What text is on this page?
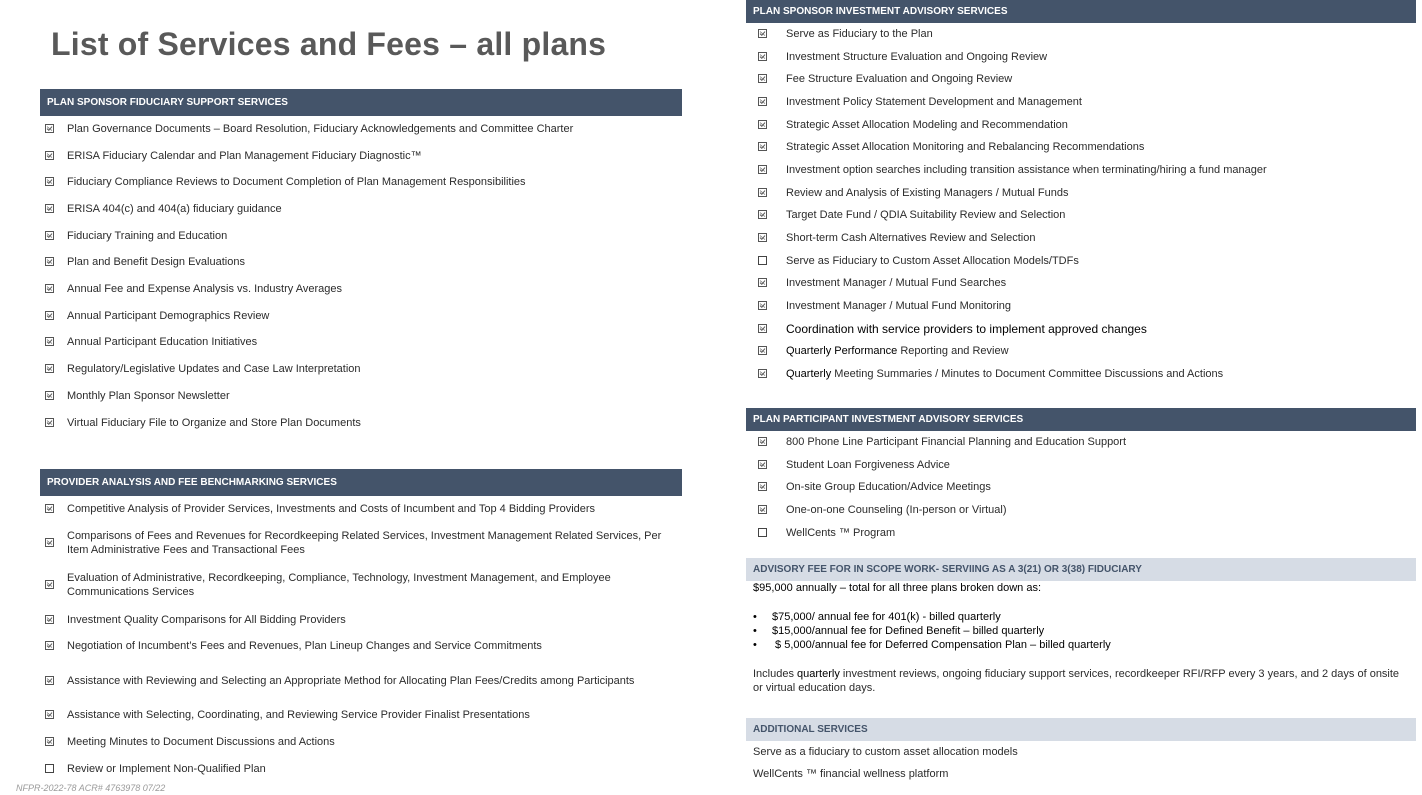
List of Services and Fees – all plans
PLAN SPONSOR FIDUCIARY SUPPORT SERVICES
Plan Governance Documents – Board Resolution, Fiduciary Acknowledgements and Committee Charter
ERISA Fiduciary Calendar and Plan Management Fiduciary Diagnostic™
Fiduciary Compliance Reviews to Document Completion of Plan Management Responsibilities
ERISA 404(c) and 404(a) fiduciary guidance
Fiduciary Training and Education
Plan and Benefit Design Evaluations
Annual Fee and Expense Analysis vs. Industry Averages
Annual Participant Demographics Review
Annual Participant Education Initiatives
Regulatory/Legislative Updates and Case Law Interpretation
Monthly Plan Sponsor Newsletter
Virtual Fiduciary File to Organize and Store Plan Documents
PROVIDER ANALYSIS AND FEE BENCHMARKING SERVICES
Competitive Analysis of Provider Services, Investments and Costs of Incumbent and Top 4 Bidding Providers
Comparisons of Fees and Revenues for Recordkeeping Related Services, Investment Management Related Services, Per Item Administrative Fees and Transactional Fees
Evaluation of Administrative, Recordkeeping, Compliance, Technology, Investment Management, and Employee Communications Services
Investment Quality Comparisons for All Bidding Providers
Negotiation of Incumbent’s Fees and Revenues, Plan Lineup Changes and Service Commitments
Assistance with Reviewing and Selecting an Appropriate Method for Allocating Plan Fees/Credits among Participants
Assistance with Selecting, Coordinating, and Reviewing Service Provider Finalist Presentations
Meeting Minutes to Document Discussions and Actions
Review or Implement Non-Qualified Plan
PLAN SPONSOR INVESTMENT ADVISORY SERVICES
Serve as Fiduciary to the Plan
Investment Structure Evaluation and Ongoing Review
Fee Structure Evaluation and Ongoing Review
Investment Policy Statement Development and Management
Strategic Asset Allocation Modeling and Recommendation
Strategic Asset Allocation Monitoring and Rebalancing Recommendations
Investment option searches including transition assistance when terminating/hiring a fund manager
Review and Analysis of Existing Managers / Mutual Funds
Target Date Fund / QDIA Suitability Review and Selection
Short-term Cash Alternatives Review and Selection
Serve as Fiduciary to Custom Asset Allocation Models/TDFs
Investment Manager / Mutual Fund Searches
Investment Manager / Mutual Fund Monitoring
Coordination with service providers to implement approved changes
Quarterly Performance Reporting and Review
Quarterly Meeting Summaries / Minutes to Document Committee Discussions and Actions
PLAN PARTICIPANT INVESTMENT ADVISORY SERVICES
800 Phone Line Participant Financial Planning and Education Support
Student Loan Forgiveness Advice
On-site Group Education/Advice Meetings
One-on-one Counseling (In-person or Virtual)
WellCents ™ Program
ADVISORY FEE FOR IN SCOPE WORK- SERVIING AS A 3(21) OR 3(38) FIDUCIARY
$95,000 annually – total for all three plans broken down as:
• $75,000/ annual fee for 401(k) - billed quarterly
• $15,000/annual fee for Defined Benefit – billed quarterly
• $ 5,000/annual fee for Deferred Compensation Plan – billed quarterly
Includes quarterly investment reviews, ongoing fiduciary support services, recordkeeper RFI/RFP every 3 years, and 2 days of onsite or virtual education days.
ADDITIONAL SERVICES
Serve as a fiduciary to custom asset allocation models
WellCents ™ financial wellness platform
NFPR-2022-78 ACR# 4763978 07/22
